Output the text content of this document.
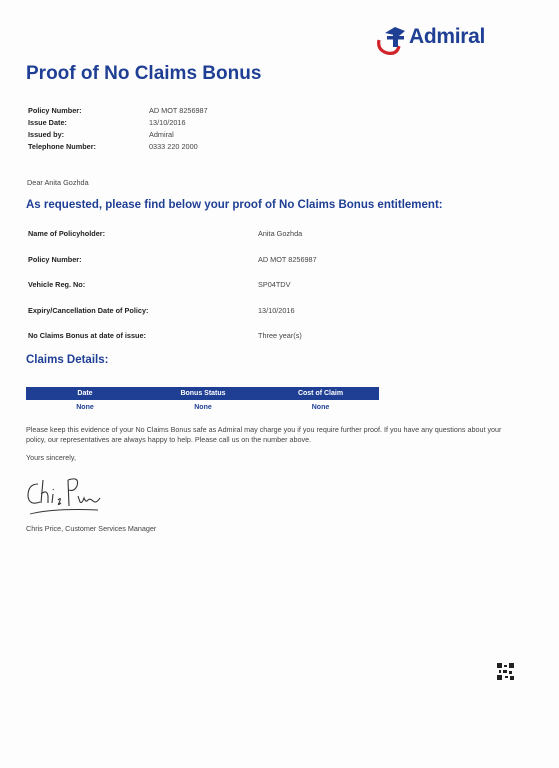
Admiral
Proof of No Claims Bonus
Policy Number:	AD MOT 8256987
Issue Date:	13/10/2016
Issued by:	Admiral
Telephone Number:	0333 220 2000
Dear Anita Gozhda
As requested, please find below your proof of No Claims Bonus entitlement:
Name of Policyholder:	Anita Gozhda
Policy Number:	AD MOT 8256987
Vehicle Reg. No:	SP04TDV
Expiry/Cancellation Date of Policy:	13/10/2016
No Claims Bonus at date of issue:	Three year(s)
Claims Details:
Date	Bonus Status	Cost of Claim
None	None	None
Please keep this evidence of your No Claims Bonus safe as Admiral may charge you if you require further proof. If you have any questions about your policy, our representatives are always happy to help. Please call us on the number above.
Yours sincerely,
Chris Price, Customer Services Manager
